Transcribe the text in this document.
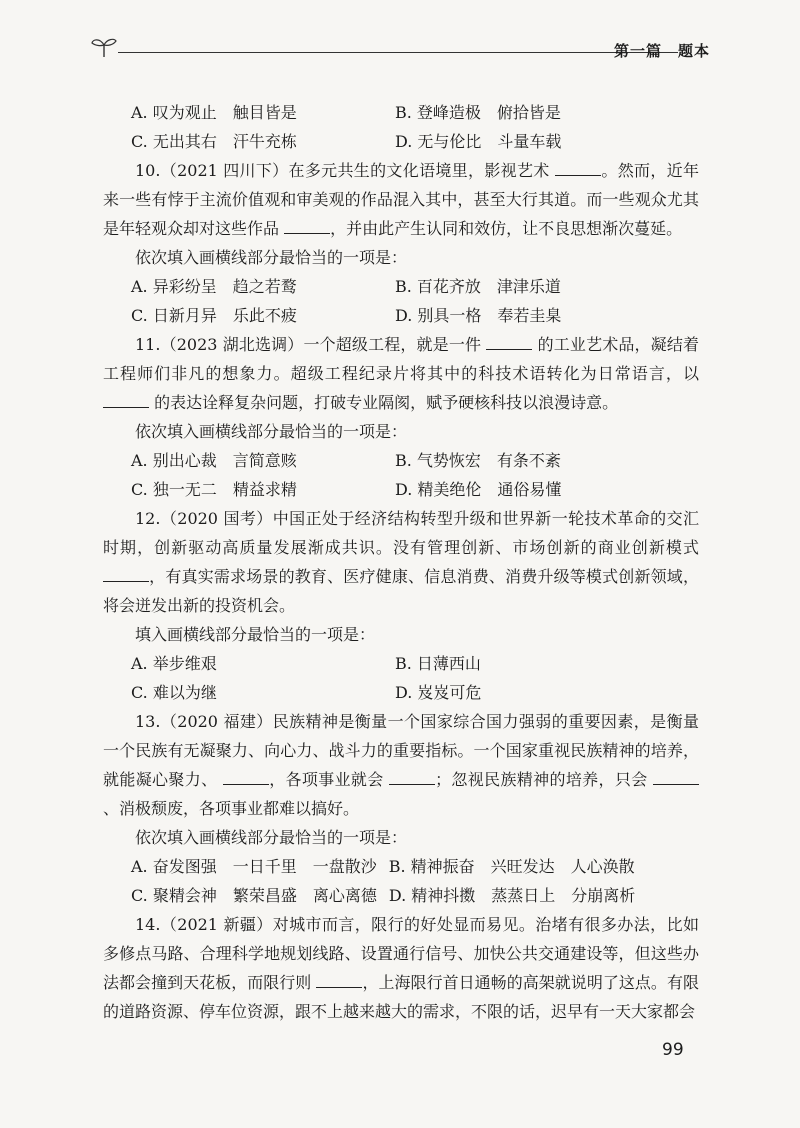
第一篇　题本
A. 叹为观止　触目皆是	B. 登峰造极　俯拾皆是
C. 无出其右　汗牛充栋	D. 无与伦比　斗量车载

10.（2021 四川下）在多元共生的文化语境里，影视艺术	。然而，近年来一些有悖于主流价值观和审美观的作品混入其中，甚至大行其道。而一些观众尤其是年轻观众却对这些作品	，并由此产生认同和效仿，让不良思想渐次蔓延。

依次填入画横线部分最恰当的一项是：

A. 异彩纷呈　趋之若鹜	B. 百花齐放　津津乐道
C. 日新月异　乐此不疲	D. 别具一格　奉若圭臬

11.（2023 湖北选调）一个超级工程，就是一件	的工业艺术品，凝结着工程师们非凡的想象力。超级工程纪录片将其中的科技术语转化为日常语言，以  的表达诠释复杂问题，打破专业隔阂，赋予硬核科技以浪漫诗意。

依次填入画横线部分最恰当的一项是：

A. 别出心裁　言简意赅	B. 气势恢宏　有条不紊
C. 独一无二　精益求精	D. 精美绝伦　通俗易懂

12.（2020 国考）中国正处于经济结构转型升级和世界新一轮技术革命的交汇时期，创新驱动高质量发展渐成共识。没有管理创新、市场创新的商业创新模式 ，有真实需求场景的教育、医疗健康、信息消费、消费升级等模式创新领域，将会迸发出新的投资机会。

填入画横线部分最恰当的一项是：

A. 举步维艰	B. 日薄西山
C. 难以为继	D. 岌岌可危

13.（2020 福建）民族精神是衡量一个国家综合国力强弱的重要因素，是衡量一个民族有无凝聚力、向心力、战斗力的重要指标。一个国家重视民族精神的培养，就能凝心聚力、	，各项事业就会	；忽视民族精神的培养，只会 、消极颓废，各项事业都难以搞好。

依次填入画横线部分最恰当的一项是：

A. 奋发图强　一日千里　一盘散沙 B. 精神振奋　兴旺发达　人心涣散
C. 聚精会神　繁荣昌盛　离心离德 D. 精神抖擞　蒸蒸日上　分崩离析

14.（2021 新疆）对城市而言，限行的好处显而易见。治堵有很多办法，比如多修点马路、合理科学地规划线路、设置通行信号、加快公共交通建设等，但这些办法都会撞到天花板，而限行则	，上海限行首日通畅的高架就说明了这点。有限的道路资源、停车位资源，跟不上越来越大的需求，不限的话，迟早有一天大家都会

99
